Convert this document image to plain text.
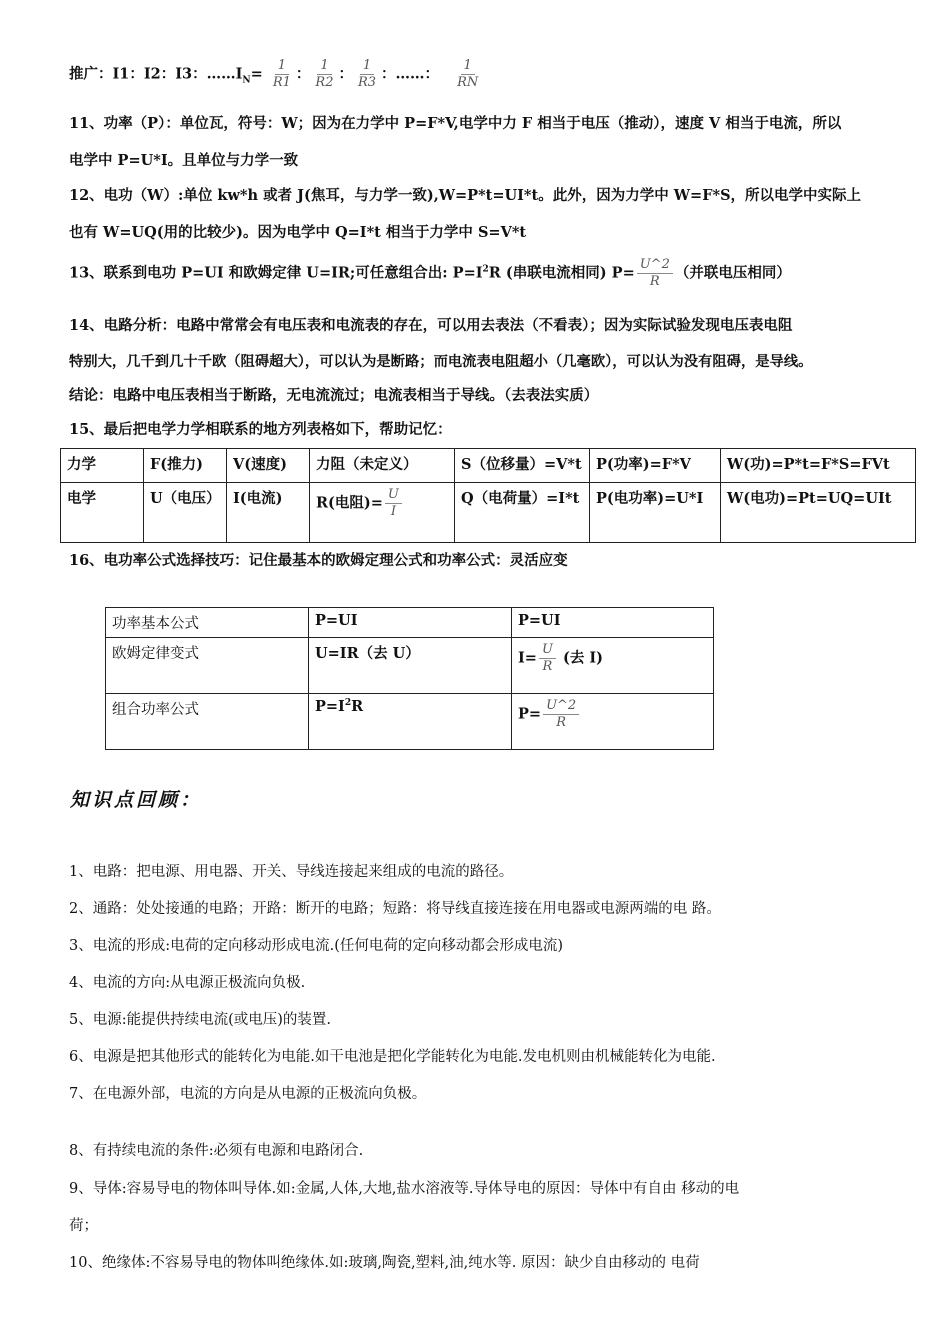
推广：I1：I2：I3：$\dots\dots I_N= \frac{1}{R1}$ ： $\frac{1}{R2}$ ： $\frac{1}{R3}$ ：……： $\frac{1}{RN}$
11、功率（P）：单位瓦，符号：W；因为在力学中 P=F*V,电学中力 F 相当于电压（推动），速度 V 相当于电流，所以
电学中 P=U*I。且单位与力学一致
12、电功（W）:单位 kw*h 或者 J(焦耳，与力学一致),W=P*t=UI*t。此外，因为力学中 W=F*S，所以电学中实际上
也有 W=UQ(用的比较少)。因为电学中 Q=I*t 相当于力学中 S=V*t
13、联系到电功 P=UI 和欧姆定律 U=IR;可任意组合出: $P=I^2R$ (串联电流相同) $P= \frac{U\^{}2}{R}$ （并联电压相同）
14、电路分析：电路中常常会有电压表和电流表的存在，可以用去表法（不看表）；因为实际试验发现电压表电阻
特别大，几千到几十千欧（阻碍超大），可以认为是断路；而电流表电阻超小（几毫欧），可以认为没有阻碍，是导线。
结论：电路中电压表相当于断路，无电流流过；电流表相当于导线。（去表法实质）
15、最后把电学力学相联系的地方列表格如下，帮助记忆：
力学	F(推力)	V(速度)	力阻（未定义）	S（位移量）=V*t	P(功率)=F*V	W(功)=P*t=F*S=FVt
电学	U（电压）	I(电流)	R(电阻)= $\frac{U}{I}$	Q（电荷量）=I*t	P(电功率)=U*I	W(电功)=Pt=UQ=UIt
16、电功率公式选择技巧：记住最基本的欧姆定理公式和功率公式：灵活应变
功率基本公式	P=UI	P=UI
欧姆定律变式	U=IR（去 U）	$I= \frac{U}{R}$ (去 I)
组合功率公式	$P=I^2R$	$P= \frac{U\^{}2}{R}$
知识点回顾：
1、电路：把电源、用电器、开关、导线连接起来组成的电流的路径。
2、通路：处处接通的电路；开路：断开的电路；短路：将导线直接连接在用电器或电源两端的电 路。
3、电流的形成:电荷的定向移动形成电流.(任何电荷的定向移动都会形成电流)
4、电流的方向:从电源正极流向负极.
5、电源:能提供持续电流(或电压)的装置.
6、电源是把其他形式的能转化为电能.如干电池是把化学能转化为电能.发电机则由机械能转化为电能.
7、在电源外部，电流的方向是从电源的正极流向负极。
8、有持续电流的条件:必须有电源和电路闭合.
9、导体:容易导电的物体叫导体.如:金属,人体,大地,盐水溶液等.导体导电的原因：导体中有自由 移动的电
荷；
10、绝缘体:不容易导电的物体叫绝缘体.如:玻璃,陶瓷,塑料,油,纯水等. 原因：缺少自由移动的 电荷
